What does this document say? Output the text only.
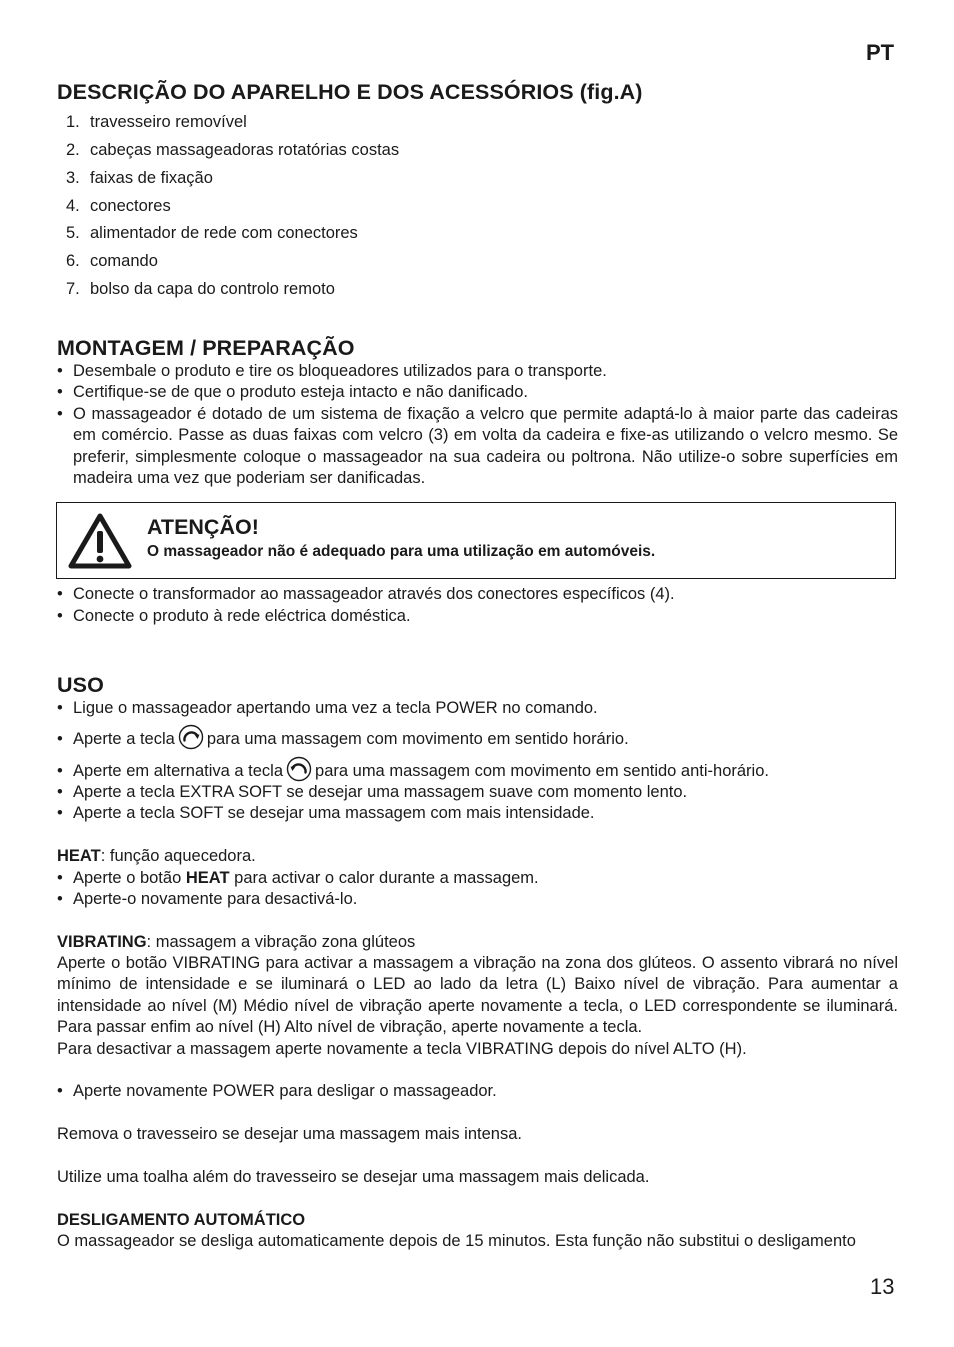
PT
DESCRIÇÃO DO APARELHO E DOS ACESSÓRIOS (fig.A)
1. travesseiro removível
2. cabeças massageadoras rotatórias costas
3. faixas de fixação
4. conectores
5. alimentador de rede com conectores
6. comando
7. bolso da capa do controlo remoto
MONTAGEM / PREPARAÇÃO
• Desembale o produto e tire os bloqueadores utilizados para o transporte.
• Certifique-se de que o produto esteja intacto e não danificado.
• O massageador é dotado de um sistema de fixação a velcro que permite adaptá-lo à maior parte das cadeiras em comércio. Passe as duas faixas com velcro (3) em volta da cadeira e fixe-as utilizando o velcro mesmo. Se preferir, simplesmente coloque o massageador na sua cadeira ou poltrona. Não utilize-o sobre superfícies em madeira uma vez que poderiam ser danificadas.
ATENÇÃO!
O massageador não é adequado para uma utilização em automóveis.
• Conecte o transformador ao massageador através dos conectores específicos (4).
• Conecte o produto à rede eléctrica doméstica.
USO
• Ligue o massageador apertando uma vez a tecla POWER no comando.
• Aperte a tecla para uma massagem com movimento em sentido horário.
• Aperte em alternativa a tecla para uma massagem com movimento em sentido anti-horário.
• Aperte a tecla EXTRA SOFT se desejar uma massagem suave com momento lento.
• Aperte a tecla SOFT se desejar uma massagem com mais intensidade.
HEAT: função aquecedora.
• Aperte o botão HEAT para activar o calor durante a massagem.
• Aperte-o novamente para desactivá-lo.
VIBRATING: massagem a vibração zona glúteos
Aperte o botão VIBRATING para activar a massagem a vibração na zona dos glúteos. O assento vibrará no nível mínimo de intensidade e se iluminará o LED ao lado da letra (L) Baixo nível de vibração. Para aumentar a intensidade ao nível (M) Médio nível de vibração aperte novamente a tecla, o LED correspondente se iluminará. Para passar enfim ao nível (H) Alto nível de vibração, aperte novamente a tecla.
Para desactivar a massagem aperte novamente a tecla VIBRATING depois do nível ALTO (H).
• Aperte novamente POWER para desligar o massageador.
Remova o travesseiro se desejar uma massagem mais intensa.
Utilize uma toalha além do travesseiro se desejar uma massagem mais delicada.
DESLIGAMENTO AUTOMÁTICO
O massageador se desliga automaticamente depois de 15 minutos. Esta função não substitui o desligamento
13
